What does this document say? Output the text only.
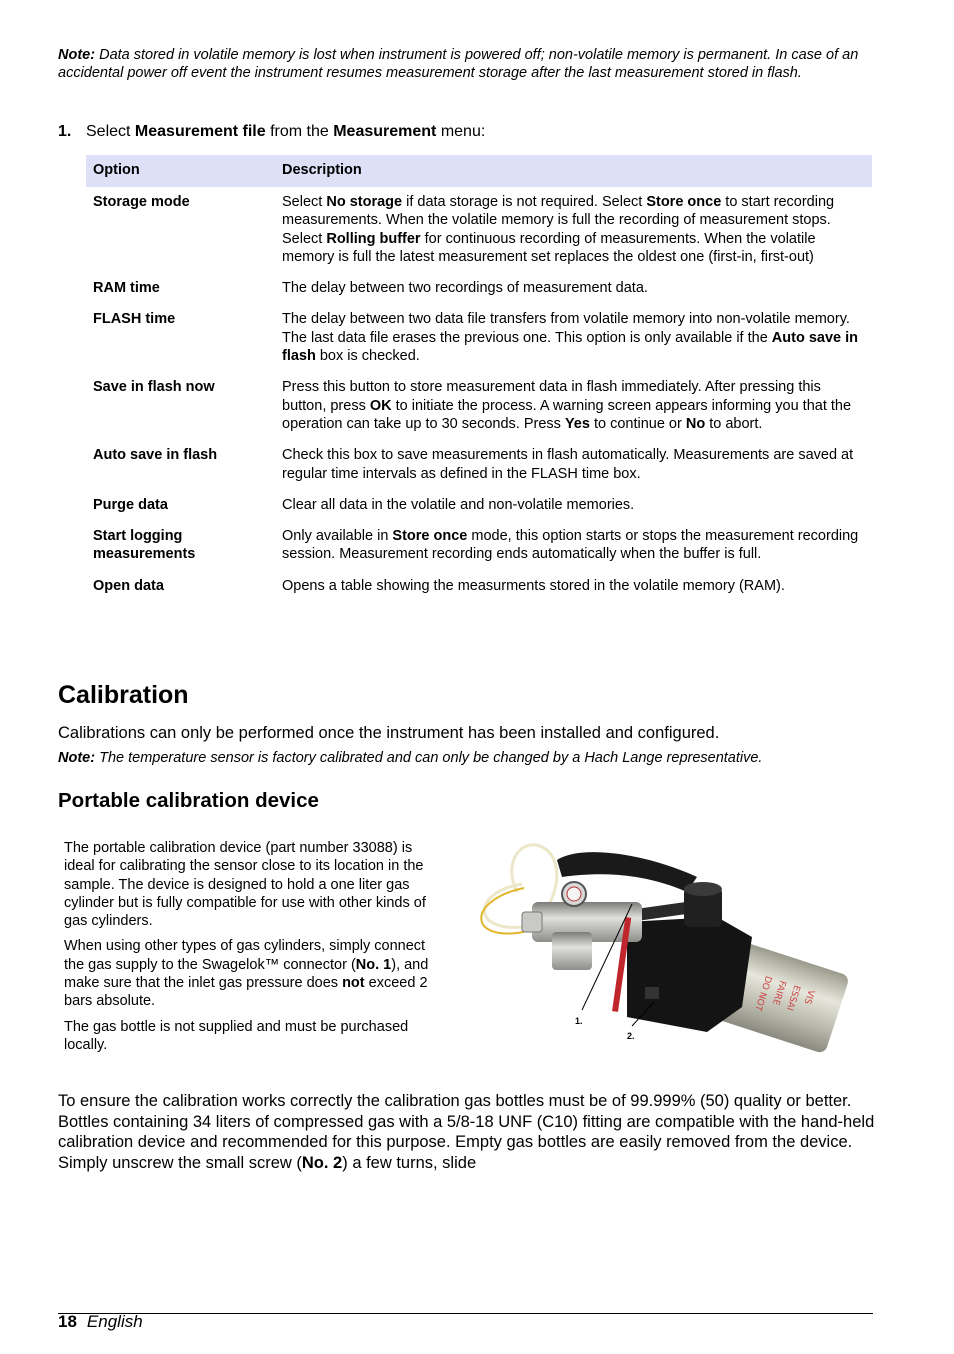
Note: Data stored in volatile memory is lost when instrument is powered off; non-volatile memory is permanent. In case of an accidental power off event the instrument resumes measurement storage after the last measurement stored in flash.
1. Select Measurement file from the Measurement menu:
Option	Description
Storage mode	Select No storage if data storage is not required. Select Store once to start recording measurements. When the volatile memory is full the recording of measurement stops. Select Rolling buffer for continuous recording of measurements. When the volatile memory is full the latest measurement set replaces the oldest one (first-in, first-out)
RAM time	The delay between two recordings of measurement data.
FLASH time	The delay between two data file transfers from volatile memory into non-volatile memory. The last data file erases the previous one. This option is only available if the Auto save in flash box is checked.
Save in flash now	Press this button to store measurement data in flash immediately. After pressing this button, press OK to initiate the process. A warning screen appears informing you that the operation can take up to 30 seconds. Press Yes to continue or No to abort.
Auto save in flash	Check this box to save measurements in flash automatically. Measurements are saved at regular time intervals as defined in the FLASH time box.
Purge data	Clear all data in the volatile and non-volatile memories.
Start logging measurements	Only available in Store once mode, this option starts or stops the measurement recording session. Measurement recording ends automatically when the buffer is full.
Open data	Opens a table showing the measurments stored in the volatile memory (RAM).
Calibration
Calibrations can only be performed once the instrument has been installed and configured.
Note: The temperature sensor is factory calibrated and can only be changed by a Hach Lange representative.
Portable calibration device

The portable calibration device (part number 33088) is ideal for calibrating the sensor close to its location in the sample. The device is designed to hold a one liter gas cylinder but is fully compatible for use with other kinds of gas cylinders.

When using other types of gas cylinders, simply connect the gas supply to the Swagelok™ connector (No. 1), and make sure that the inlet gas pressure does not exceed 2 bars absolute.

The gas bottle is not supplied and must be purchased locally.

DO NOT
FAIRE
ESSAI VIS
1.
2.
To ensure the calibration works correctly the calibration gas bottles must be of 99.999% (50) quality or better. Bottles containing 34 liters of compressed gas with a 5/8-18 UNF (C10) fitting are compatible with the hand-held calibration device and recommended for this purpose. Empty gas bottles are easily removed from the device. Simply unscrew the small screw (No. 2) a few turns, slide
18 English
